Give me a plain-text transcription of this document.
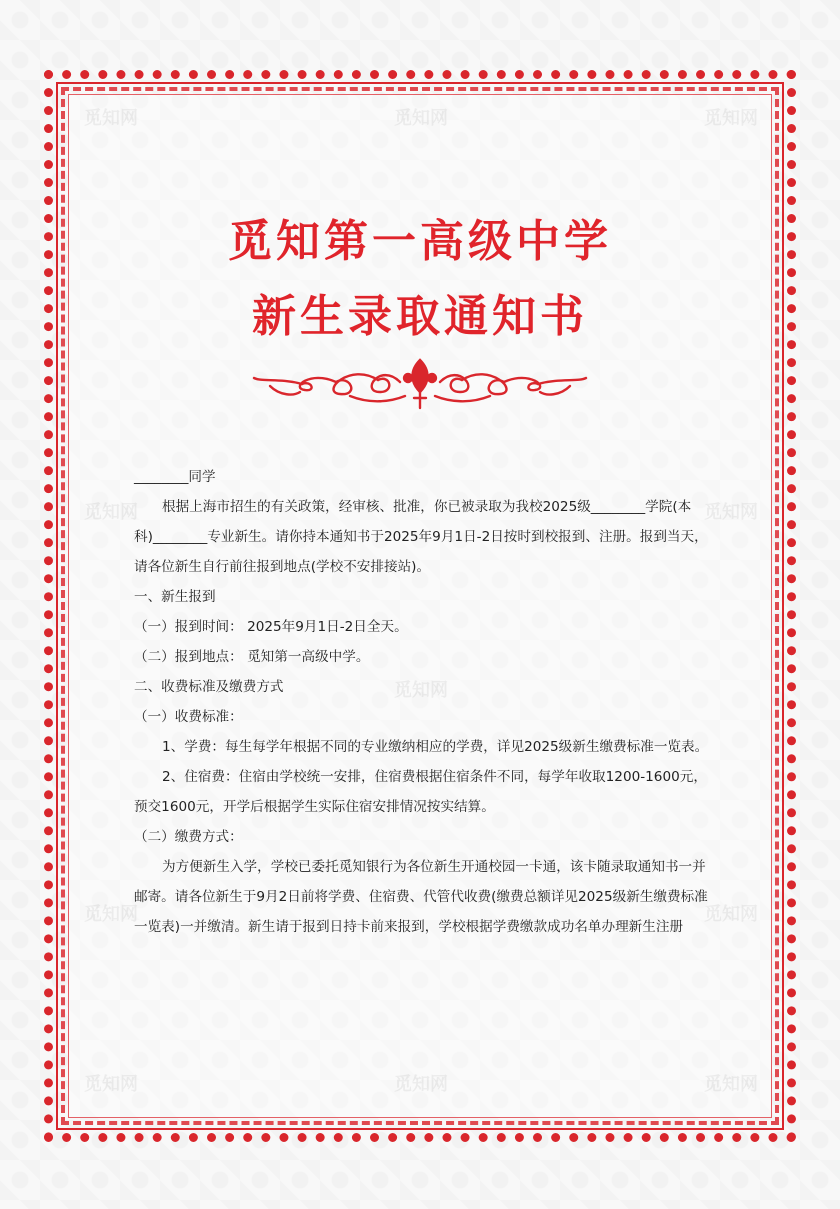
觅知网	觅知网	觅知网
觅知网	觅知网
觅知网
觅知网	觅知网
觅知网	觅知网	觅知网
觅知第一高级中学
新生录取通知书

________同学

根据上海市招生的有关政策，经审核、批准，你已被录取为我校2025级________学院(本科)________专业新生。请你持本通知书于2025年9月1日-2日按时到校报到、注册。报到当天，请各位新生自行前往报到地点(学校不安排接站)。

一、新生报到

（一）报到时间： 2025年9月1日-2日全天。

（二）报到地点： 觅知第一高级中学。

二、收费标准及缴费方式

（一）收费标准：

1、学费：每生每学年根据不同的专业缴纳相应的学费，详见2025级新生缴费标准一览表。

2、住宿费：住宿由学校统一安排，住宿费根据住宿条件不同，每学年收取1200-1600元，预交1600元，开学后根据学生实际住宿安排情况按实结算。

（二）缴费方式：

为方便新生入学，学校已委托觅知银行为各位新生开通校园一卡通，该卡随录取通知书一并邮寄。请各位新生于9月2日前将学费、住宿费、代管代收费(缴费总额详见2025级新生缴费标准一览表)一并缴清。新生请于报到日持卡前来报到，学校根据学费缴款成功名单办理新生注册
